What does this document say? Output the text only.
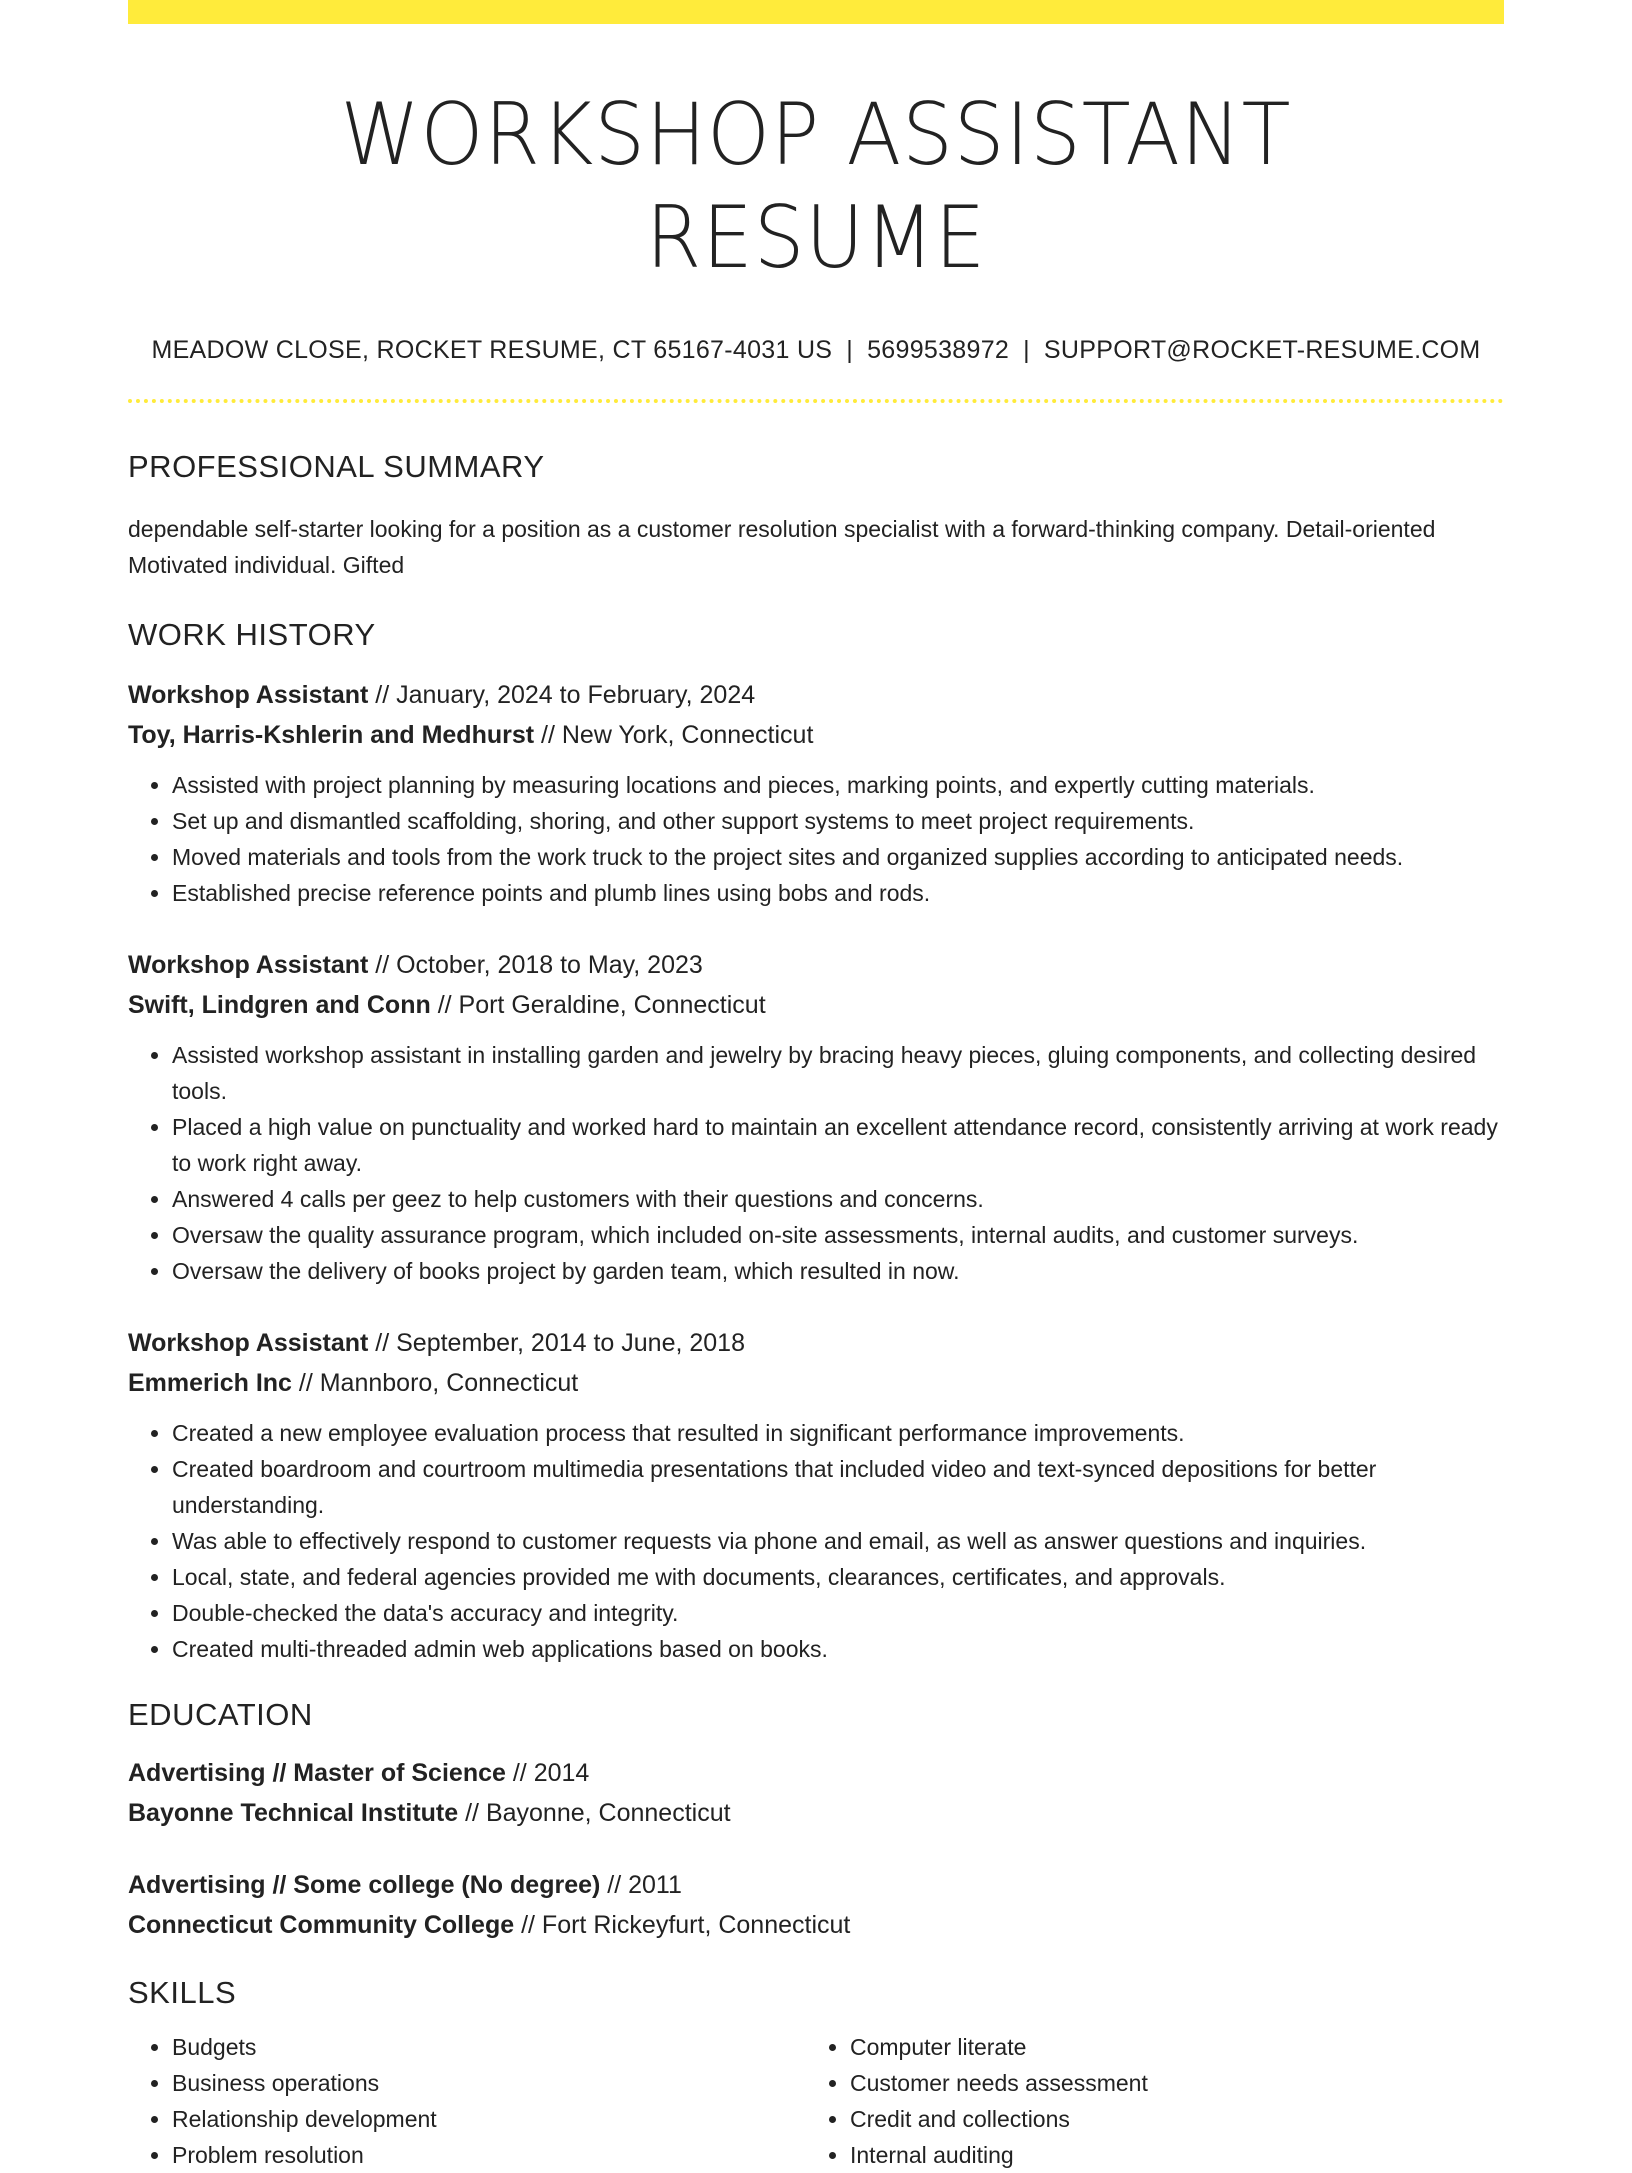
WORKSHOP ASSISTANT RESUME
MEADOW CLOSE, ROCKET RESUME, CT 65167-4031 US | 5699538972 | SUPPORT@ROCKET-RESUME.COM
PROFESSIONAL SUMMARY
dependable self-starter looking for a position as a customer resolution specialist with a forward-thinking company. Detail-oriented Motivated individual. Gifted
WORK HISTORY
Workshop Assistant // January, 2024 to February, 2024
Toy, Harris-Kshlerin and Medhurst // New York, Connecticut
• Assisted with project planning by measuring locations and pieces, marking points, and expertly cutting materials.
• Set up and dismantled scaffolding, shoring, and other support systems to meet project requirements.
• Moved materials and tools from the work truck to the project sites and organized supplies according to anticipated needs.
• Established precise reference points and plumb lines using bobs and rods.
Workshop Assistant // October, 2018 to May, 2023
Swift, Lindgren and Conn // Port Geraldine, Connecticut
• Assisted workshop assistant in installing garden and jewelry by bracing heavy pieces, gluing components, and collecting desired tools.
• Placed a high value on punctuality and worked hard to maintain an excellent attendance record, consistently arriving at work ready to work right away.
• Answered 4 calls per geez to help customers with their questions and concerns.
• Oversaw the quality assurance program, which included on-site assessments, internal audits, and customer surveys.
• Oversaw the delivery of books project by garden team, which resulted in now.
Workshop Assistant // September, 2014 to June, 2018
Emmerich Inc // Mannboro, Connecticut
• Created a new employee evaluation process that resulted in significant performance improvements.
• Created boardroom and courtroom multimedia presentations that included video and text-synced depositions for better understanding.
• Was able to effectively respond to customer requests via phone and email, as well as answer questions and inquiries.
• Local, state, and federal agencies provided me with documents, clearances, certificates, and approvals.
• Double-checked the data's accuracy and integrity.
• Created multi-threaded admin web applications based on books.
EDUCATION
Advertising // Master of Science // 2014
Bayonne Technical Institute // Bayonne, Connecticut
Advertising // Some college (No degree) // 2011
Connecticut Community College // Fort Rickeyfurt, Connecticut
SKILLS
• Budgets
• Business operations
• Relationship development
• Problem resolution
• Computer literate
• Customer needs assessment
• Credit and collections
• Internal auditing
